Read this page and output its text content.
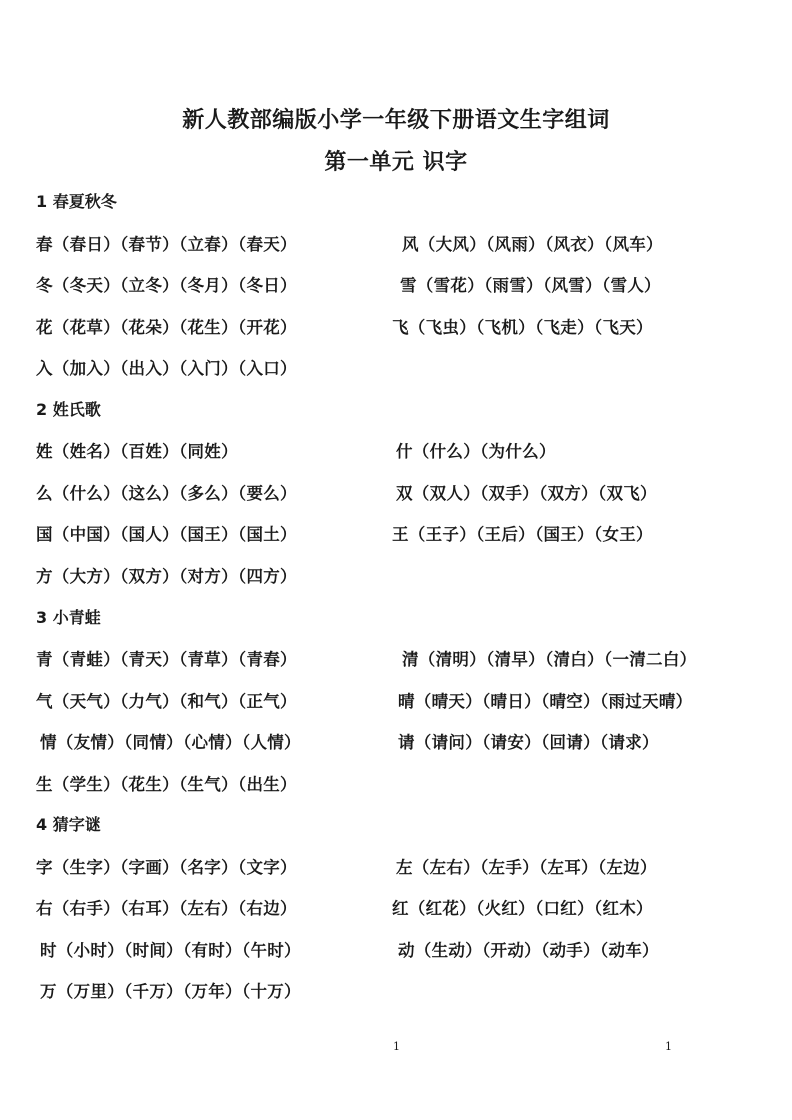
新人教部编版小学一年级下册语文生字组词
第一单元 识字
1 春夏秋冬
春（春日）（春节）（立春）（春天）	风（大风）（风雨）（风衣）（风车）
冬（冬天）（立冬）（冬月）（冬日）	雪（雪花）（雨雪）（风雪）（雪人）
花（花草）（花朵）（花生）（开花）	飞（飞虫）（飞机）（飞走）（飞天）
入（加入）（出入）（入门）（入口）
2 姓氏歌
姓（姓名）（百姓）（同姓）	什（什么）（为什么）
么（什么）（这么）（多么）（要么）	双（双人）（双手）（双方）（双飞）
国（中国）（国人）（国王）（国土）	王（王子）（王后）（国王）（女王）
方（大方）（双方）（对方）（四方）
3 小青蛙
青（青蛙）（青天）（青草）（青春）	清（清明）（清早）（清白）（一清二白）
气（天气）（力气）（和气）（正气）	晴（晴天）（晴日）（晴空）（雨过天晴）
情（友情）（同情）（心情）（人情）	请（请问）（请安）（回请）（请求）
生（学生）（花生）（生气）（出生）
4 猜字谜
字（生字）（字画）（名字）（文字）	左（左右）（左手）（左耳）（左边）
右（右手）（右耳）（左右）（右边）	红（红花）（火红）（口红）（红木）
时（小时）（时间）（有时）（午时）	动（生动）（开动）（动手）（动车）
万（万里）（千万）（万年）（十万）
1	1
